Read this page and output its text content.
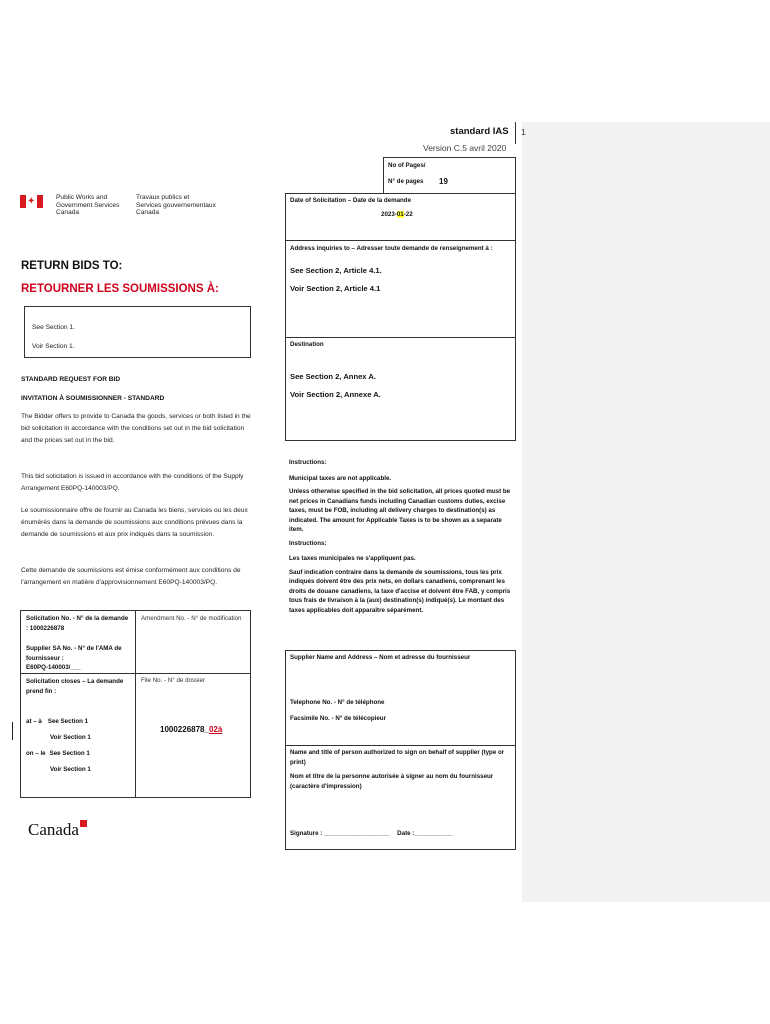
standard IAS 1
Version C.5 avril 2020
✦	Public Works and
Government Services
Canada
Travaux publics et
Services gouvernementaux
Canada
No of Pages/
N° de pages 19
Date of Solicitation – Date de la demande
2023-01-22
Address inquiries to – Adresser toute demande de renseignement à :
See Section 2, Article 4.1.
Voir Section 2, Article 4.1
Destination
See Section 2, Annex A.
Voir Section 2, Annexe A.
Instructions:
Municipal taxes are not applicable.
Unless otherwise specified in the bid solicitation, all prices quoted must be net prices in Canadians funds including Canadian customs duties, excise taxes, must be FOB, including all delivery charges to destination(s) as indicated. The amount for Applicable Taxes is to be shown as a separate item.
Instructions:
Les taxes municipales ne s'appliquent pas.
Sauf indication contraire dans la demande de soumissions, tous les prix indiqués doivent être des prix nets, en dollars canadiens, comprenant les droits de douane canadiens, la taxe d'accise et doivent être FAB, y compris tous frais de livraison à la (aux) destination(s) indiqué(s). Le montant des taxes applicables doit apparaître séparément.
Supplier Name and Address – Nom et adresse du fournisseur
Telephone No. - N° de téléphone
Facsimile No. - N° de télécopieur
Name and title of person authorized to sign on behalf of supplier (type or print)
Nom et titre de la personne autorisée à signer au nom du fournisseur (caractère d'impression)
Signature : ___________________ Date :___________
RETURN BIDS TO:
RETOURNER LES SOUMISSIONS À:
See Section 1.
Voir Section 1.
STANDARD REQUEST FOR BID
INVITATION À SOUMISSIONNER - STANDARD
The Bidder offers to provide to Canada the goods, services or both listed in the bid solicitation in accordance with the conditions set out in the bid solicitation and the prices set out in the bid.
This bid solicitation is issued in accordance with the conditions of the Supply Arrangement E60PQ-140003/PQ.
Le soumissionnaire offre de fournir au Canada les biens, services ou les deux énumérés dans la demande de soumissions aux conditions prévues dans la demande de soumissions et aux prix indiqués dans la soumission.
Cette demande de soumissions est émise conformément aux conditions de l'arrangement en matière d'approvisionnement E60PQ-140003/PQ.
Solicitation No. - N° de la demande : 1000226878
Amendment No. - N° de modification
Supplier SA No. - N° de l'AMA de fournisseur :
E60PQ-140003/___
Solicitation closes – La demande prend fin :
File No. - N° de dossier
1000226878_02à
at – à See Section 1
Voir Section 1
on – le See Section 1
Voir Section 1
Canada
